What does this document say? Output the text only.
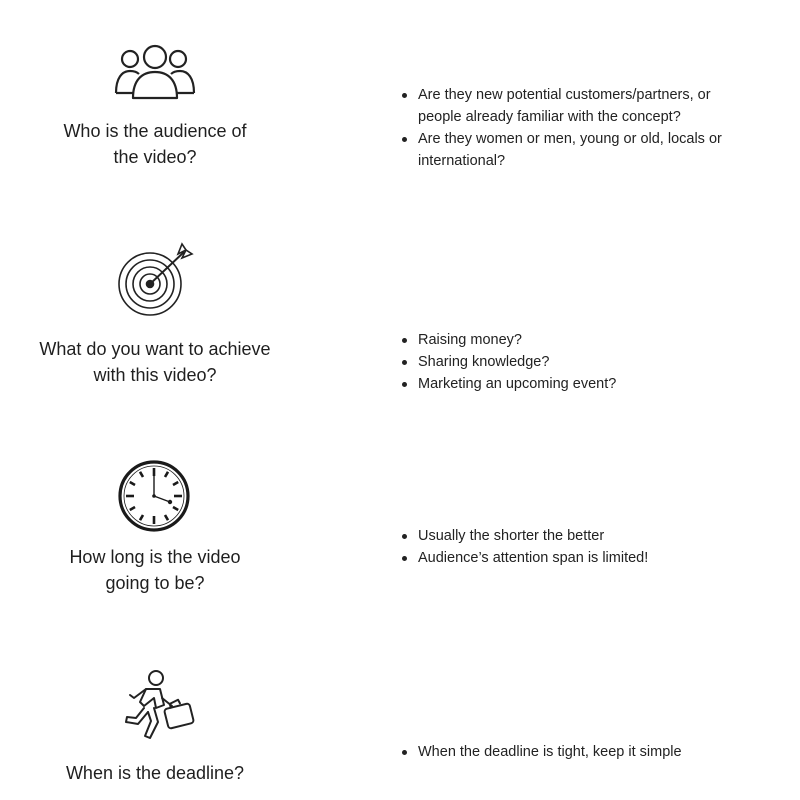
Who is the audience of
the video?
Are they new potential customers/partners, or people already familiar with the concept?
Are they women or men, young or old, locals or international?
What do you want to achieve
with this video?
Raising money?
Sharing knowledge?
Marketing an upcoming event?
How long is the video
going to be?
Usually the shorter the better
Audience’s attention span is limited!
When is the deadline?
When the deadline is tight, keep it simple
